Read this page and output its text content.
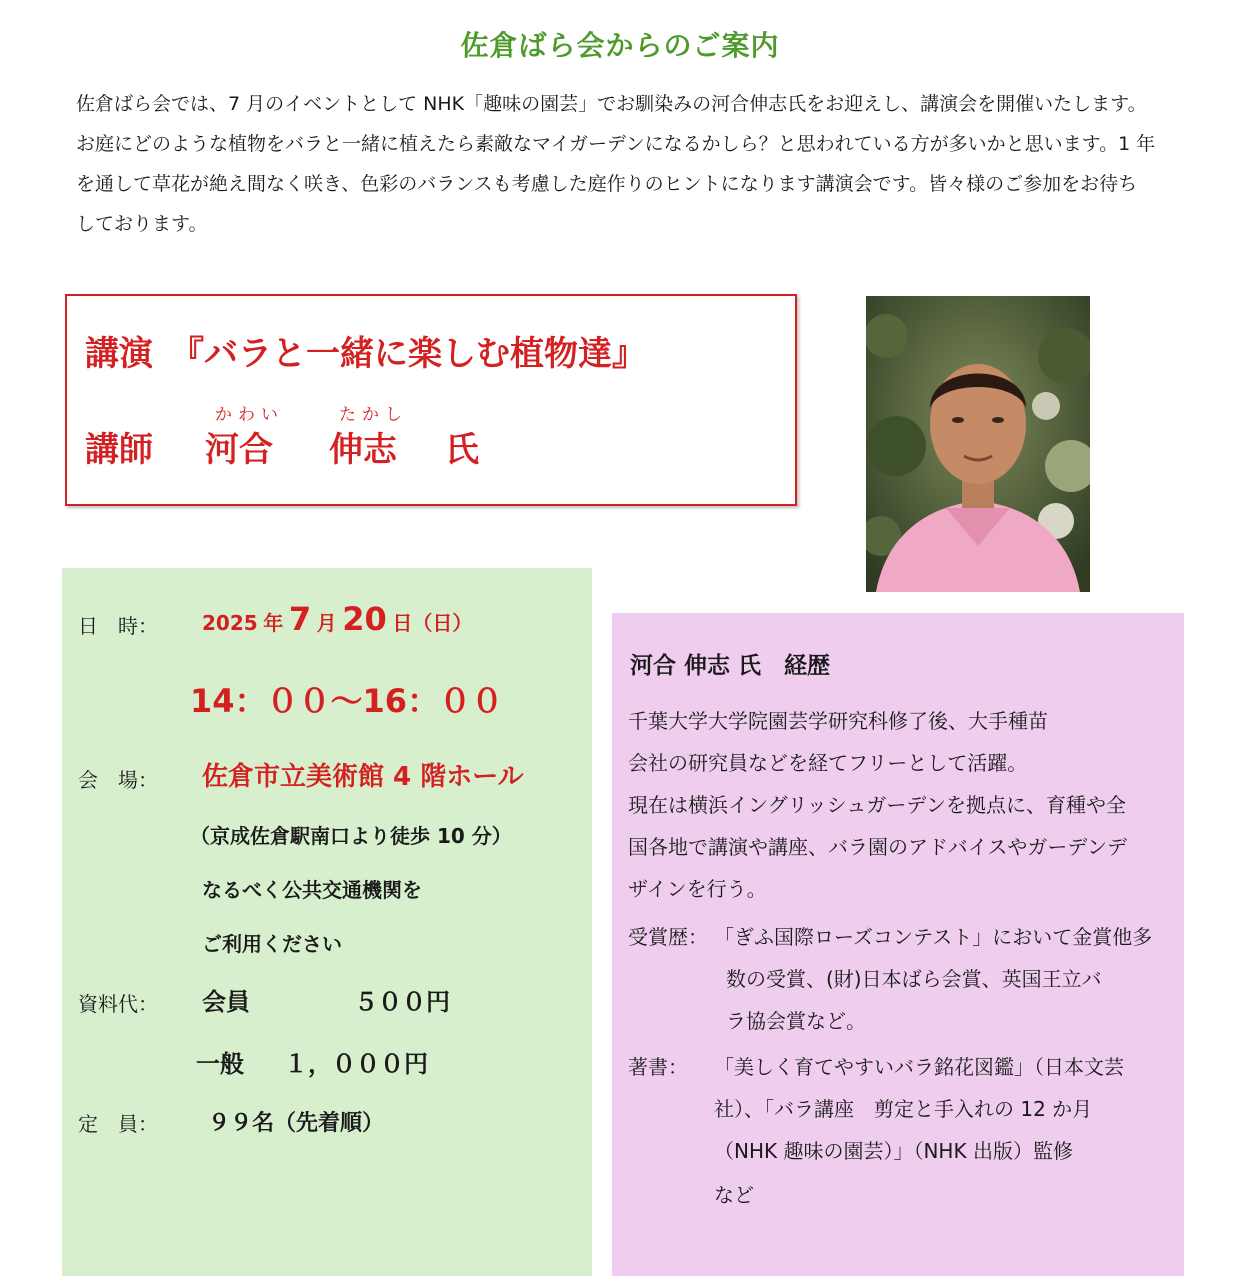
佐倉ばら会からのご案内

佐倉ばら会では、7 月のイベントとして NHK「趣味の園芸」でお馴染みの河合伸志氏をお迎えし、講演会を開催いたします。

お庭にどのような植物をバラと一緒に植えたら素敵なマイガーデンになるかしら？と思われている方が多いかと思います。1 年

を通して草花が絶え間なく咲き、色彩のバランスも考慮した庭作りのヒントになります講演会です。皆々様のご参加をお待ち

しております。

講演　『バラと一緒に楽しむ植物達』
かわい	たかし
講師 河合 伸志 氏
日　時： 2025 年 7 月 20 日（日）
14：００～16：００
会　場： 佐倉市立美術館 4 階ホール
（京成佐倉駅南口より徒歩 10 分）
なるべく公共交通機関を
ご利用ください
資料代： 会員	５００円
一般 １，０００円
定　員： ９９名（先着順）
河合 伸志 氏　経歴
千葉大学大学院園芸学研究科修了後、大手種苗
会社の研究員などを経てフリーとして活躍。
現在は横浜イングリッシュガーデンを拠点に、育種や全
国各地で講演や講座、バラ園のアドバイスやガーデンデ
ザインを行う。
受賞歴： 「ぎふ国際ローズコンテスト」において金賞他多
数の受賞、(財)日本ばら会賞、英国王立バ
ラ協会賞など。
著書： 「美しく育てやすいバラ銘花図鑑」（日本文芸
社）、「バラ講座　剪定と手入れの 12 か月
（NHK 趣味の園芸）」（NHK 出版）監修
など
